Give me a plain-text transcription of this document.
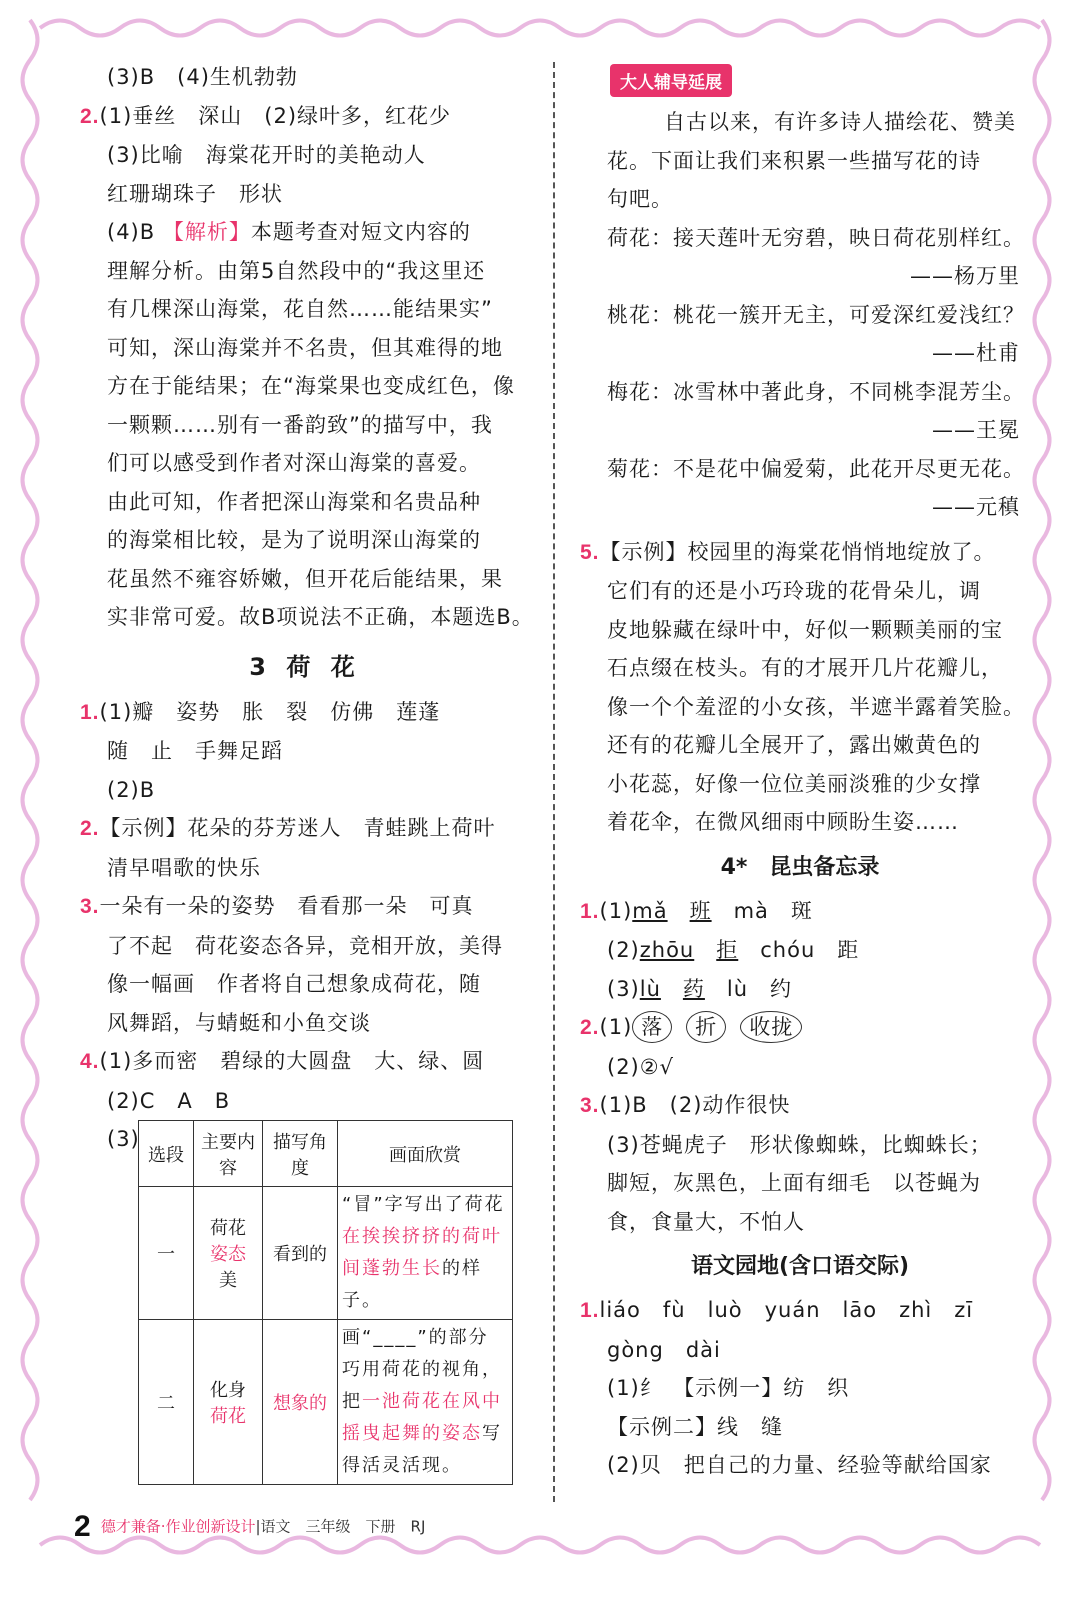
(3)B　(4)生机勃勃
2.(1)垂丝　深山　(2)绿叶多，红花少
(3)比喻　海棠花开时的美艳动人
红珊瑚珠子　形状
(4)B 【解析】本题考查对短文内容的
理解分析。由第5自然段中的“我这里还
有几棵深山海棠，花自然……能结果实”
可知，深山海棠并不名贵，但其难得的地
方在于能结果；在“海棠果也变成红色，像
一颗颗……别有一番韵致”的描写中，我
们可以感受到作者对深山海棠的喜爱。
由此可知，作者把深山海棠和名贵品种
的海棠相比较，是为了说明深山海棠的
花虽然不雍容娇嫩，但开花后能结果，果
实非常可爱。故B项说法不正确，本题选B。
3 荷 花
1.(1)瓣　姿势　胀　裂　仿佛　莲蓬
随　止　手舞足蹈
(2)B
2.【示例】花朵的芬芳迷人　青蛙跳上荷叶
清早唱歌的快乐
3.一朵有一朵的姿势　看看那一朵　可真
了不起　荷花姿态各异，竞相开放，美得
像一幅画　作者将自己想象成荷花，随
风舞蹈，与蜻蜓和小鱼交谈
4.(1)多而密　碧绿的大圆盘　大、绿、圆
(2)C　A　B
(3)
选段	主要内容	描写角度	画面欣赏
一	荷花
姿态
美	看到的	“冒”字写出了荷花在挨挨挤挤的荷叶间蓬勃生长的样子。
二	化身
荷花	想象的	画“____”的部分巧用荷花的视角，把一池荷花在风中摇曳起舞的姿态写得活灵活现。
大人辅导延展
自古以来，有许多诗人描绘花、赞美
花。下面让我们来积累一些描写花的诗
句吧。
荷花：接天莲叶无穷碧，映日荷花别样红。
——杨万里
桃花：桃花一簇开无主，可爱深红爱浅红？
——杜甫
梅花：冰雪林中著此身，不同桃李混芳尘。
——王冕
菊花：不是花中偏爱菊，此花开尽更无花。
——元稹
5.【示例】校园里的海棠花悄悄地绽放了。
它们有的还是小巧玲珑的花骨朵儿，调
皮地躲藏在绿叶中，好似一颗颗美丽的宝
石点缀在枝头。有的才展开几片花瓣儿，
像一个个羞涩的小女孩，半遮半露着笑脸。
还有的花瓣儿全展开了，露出嫩黄色的
小花蕊，好像一位位美丽淡雅的少女撑
着花伞，在微风细雨中顾盼生姿……
4*　昆虫备忘录
1.(1)mǎ　 班　 mà　斑
(2)zhōu　 拒　 chóu　距
(3)lù　 药　 lù　约
2.(1) 落 折 收拢
(2)②√
3.(1)B　(2)动作很快
(3)苍蝇虎子　形状像蜘蛛，比蜘蛛长；
脚短，灰黑色，上面有细毛　以苍蝇为
食，食量大，不怕人
语文园地(含口语交际)
1.liáo　fù　luò　yuán　lāo　zhì　zī
gòng　dài
(1)纟　【示例一】纺　织
【示例二】线　缝
(2)贝　把自己的力量、经验等献给国家
2 德才兼备·作业创新设计|语文　三年级　下册　RJ
